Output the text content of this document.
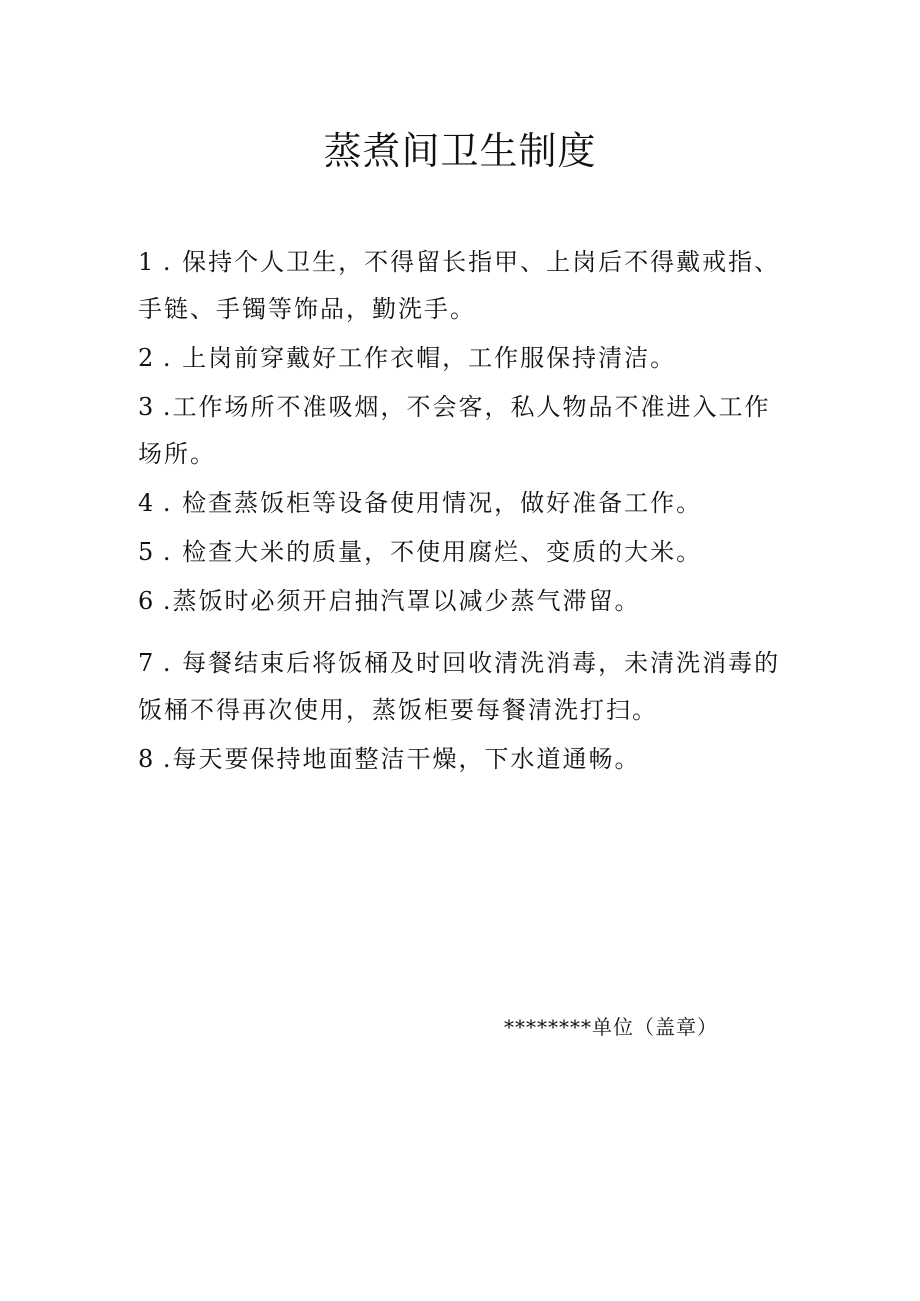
蒸煮间卫生制度
1 . 保持个人卫生，不得留长指甲、上岗后不得戴戒指、手链、手镯等饰品，勤洗手。
2 . 上岗前穿戴好工作衣帽，工作服保持清洁。
3 .工作场所不准吸烟，不会客，私人物品不准进入工作场所。
4 . 检查蒸饭柜等设备使用情况，做好准备工作。
5 . 检查大米的质量，不使用腐烂、变质的大米。
6 .蒸饭时必须开启抽汽罩以减少蒸气滞留。
7 . 每餐结束后将饭桶及时回收清洗消毒，未清洗消毒的饭桶不得再次使用，蒸饭柜要每餐清洗打扫。
8 .每天要保持地面整洁干燥，下水道通畅。
********单位（盖章）
